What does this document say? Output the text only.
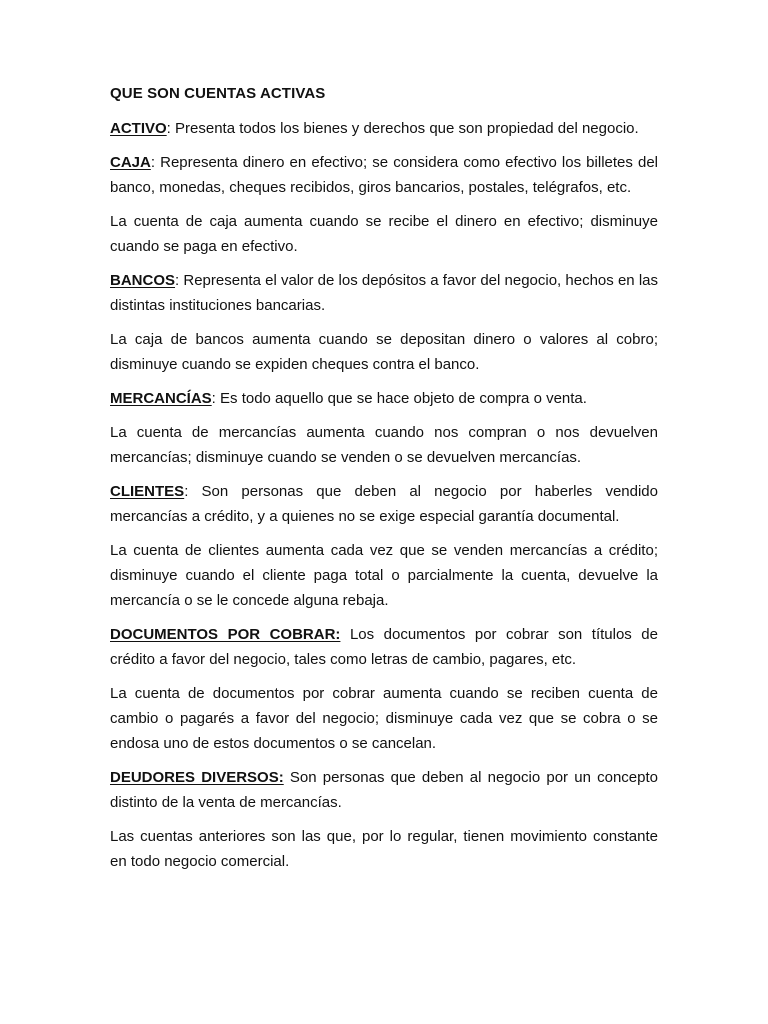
QUE SON CUENTAS ACTIVAS

ACTIVO: Presenta todos los bienes y derechos que son propiedad del negocio.

CAJA: Representa dinero en efectivo; se considera como efectivo los billetes del banco, monedas, cheques recibidos, giros bancarios, postales, telégrafos, etc.

La cuenta de caja aumenta cuando se recibe el dinero en efectivo; disminuye cuando se paga en efectivo.

BANCOS: Representa el valor de los depósitos a favor del negocio, hechos en las distintas instituciones bancarias.

La caja de bancos aumenta cuando se depositan dinero o valores al cobro; disminuye cuando se expiden cheques contra el banco.

MERCANCÍAS: Es todo aquello que se hace objeto de compra o venta.

La cuenta de mercancías aumenta cuando nos compran o nos devuelven mercancías; disminuye cuando se venden o se devuelven mercancías.

CLIENTES: Son personas que deben al negocio por haberles vendido mercancías a crédito, y a quienes no se exige especial garantía documental.

La cuenta de clientes aumenta cada vez que se venden mercancías a crédito; disminuye cuando el cliente paga total o parcialmente la cuenta, devuelve la mercancía o se le concede alguna rebaja.

DOCUMENTOS POR COBRAR: Los documentos por cobrar son títulos de crédito a favor del negocio, tales como letras de cambio, pagares, etc.

La cuenta de documentos por cobrar aumenta cuando se reciben cuenta de cambio o pagarés a favor del negocio; disminuye cada vez que se cobra o se endosa uno de estos documentos o se cancelan.

DEUDORES DIVERSOS: Son personas que deben al negocio por un concepto distinto de la venta de mercancías.

Las cuentas anteriores son las que, por lo regular, tienen movimiento constante en todo negocio comercial.
